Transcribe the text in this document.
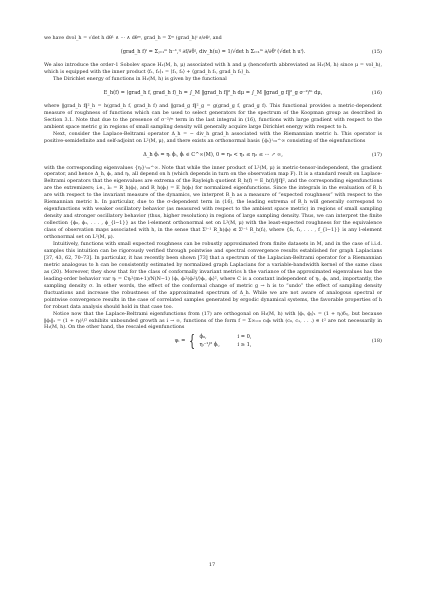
we have dvol_h = √det h dθ¹ ∧ ··· ∧ dθᵐ, grad_h = Σᵐ (grad_h)ⁱ ∂/∂θⁱ, and

(grad_h f)ⁱ = Σⱼ₌₁ᵐ h⁻¹,ⁱʲ ∂f/∂θʲ, div_h(u) = 1/√det h Σᵢ₌₁ᵐ ∂/∂θⁱ (√det h uⁱ).	(15)

We also introduce the order-1 Sobolev space H₁(M, h, μ) associated with h and μ (henceforth abbreviated as H₁(M, h) since μ = vol_h), which is equipped with the inner product ⟨f₁, f₂⟩₁ = ⟨f₁, f₂⟩ + ⟨grad_h f₁, grad_h f₂⟩_h.

The Dirichlet energy of functions in H₁(M, h) is given by the functional

E_h(f) = ⟨grad_h f, grad_h f⟩_h = ∫_M ‖grad_h f‖²_h dμ = ∫_M ‖grad_g f‖²_g σ⁻²/ᵐ dμ,	(16)

where ‖grad_h f‖²_h = h(grad_h f, grad_h f) and ‖grad_g f‖²_g = g(grad_g f, grad_g f). This functional provides a metric-dependent measure of roughness of functions which can be used to select generators for the spectrum of the Koopman group as described in Section 3.1. Note that due to the presence of σ⁻²/ᵐ term in the last integral in (16), functions with large gradient with respect to the ambient space metric g in regions of small sampling density will generally acquire large Dirichlet energy with respect to h.

Next, consider the Laplace-Beltrami operator Δ_h = − div_h grad_h associated with the Riemannian metric h. This operator is positive-semidefinite and self-adjoint on L²(M, μ), and there exists an orthonormal basis {ϕᵢ}ⁱ₌₀^∞ consisting of the eigenfunctions

Δ_h ϕᵢ = ηᵢ ϕᵢ, ϕᵢ ∈ C^∞(M), 0 = η₀ < η₁ ≤ η₂ ≤ ··· ↗ ∞,	(17)

with the corresponding eigenvalues {ηᵢ}ⁱ₌₀^∞. Note that while the inner product of L²(M, μ) is metric-tensor-independent, the gradient operator, and hence Δ_h, ϕᵢ, and ηᵢ, all depend on h (which depends in turn on the observation map F). It is a standard result on Laplace-Beltrami operators that the eigenvalues are extrema of the Rayleigh quotient R_h(f) = E_h(f)/‖f‖², and the corresponding eigenfunctions are the extremizers; i.e., λᵢ = R_h(ϕᵢ), and R_h(ϕᵢ) = E_h(ϕᵢ) for normalized eigenfunctions. Since the integrals in the evaluation of R_h are with respect to the invariant measure of the dynamics, we interpret R_h as a measure of “expected roughness” with respect to the Riemannian metric h. In particular, due to the σ-dependent term in (16), the leading extrema of R_h will generally correspond to eigenfunctions with weaker oscillatory behavior (as measured with respect to the ambient space metric) in regions of small sampling density and stronger oscillatory behavior (thus, higher resolution) in regions of large sampling density. Thus, we can interpret the finite collection {ϕ₀, ϕ₁, . . . , ϕ_{l−1}} as the l-element orthonormal set on L²(M, μ) with the least-expected roughness for the equivalence class of observation maps associated with h, in the sense that Σˡ⁻¹ R_h(ϕᵢ) ≤ Σˡ⁻¹ R_h(fᵢ), where {f₀, f₁, . . . , f_{l−1}} is any l-element orthonormal set on L²(M, μ).

Intuitively, functions with small expected roughness can be robustly approximated from finite datasets in M, and in the case of i.i.d. samples this intuition can be rigorously verified through pointwise and spectral convergence results established for graph Laplacians [37, 43, 62, 70–73]. In particular, it has recently been shown [73] that a spectrum of the Laplacian-Beltrami operator for a Riemannian metric analogous to h can be consistently estimated by normalized graph Laplacians for a variable-bandwidth kernel of the same class as (20). Moreover, they show that for the class of conformally invariant metrics h the variance of the approximated eigenvalues has the leading-order behavior var ηᵢ = Cηᵢ²(m+1)/N(N−1) ⟨ϕᵢ, ϕᵢ²(ϕᵢ²)/⟩ϕᵢ, ϕᵢ⟩², where C is a constant independent of ηᵢ, ϕᵢ, and, importantly, the sampling density σ. In other words, the effect of the conformal change of metric g → h is to “undo” the effect of sampling density fluctuations and increase the robustness of the approximated spectrum of Δ_h. While we are not aware of analogous spectral or pointwise convergence results in the case of correlated samples generated by ergodic dynamical systems, the favorable properties of h for robust data analysis should hold in that case too.

Notice now that the Laplace-Beltrami eigenfunctions from (17) are orthogonal on H₁(M, h) with ⟨ϕᵢ, ϕⱼ⟩₁ = (1 + ηᵢ)δᵢⱼ, but because ‖ϕᵢ‖₁ = (1 + ηᵢ)¹/² exhibits unbounded growth as i → ∞, functions of the form f = Σ∞ᵢ₌₀ cᵢϕᵢ with (c₀, c₁, . . .) ∈ ℓ² are not necessarily in H₁(M, h). On the other hand, the rescaled eigenfunctions

ψᵢ = { ϕ₀,	i = 0,
ηᵢ⁻¹/² ϕᵢ,	i ≥ 1,
(18)
17
